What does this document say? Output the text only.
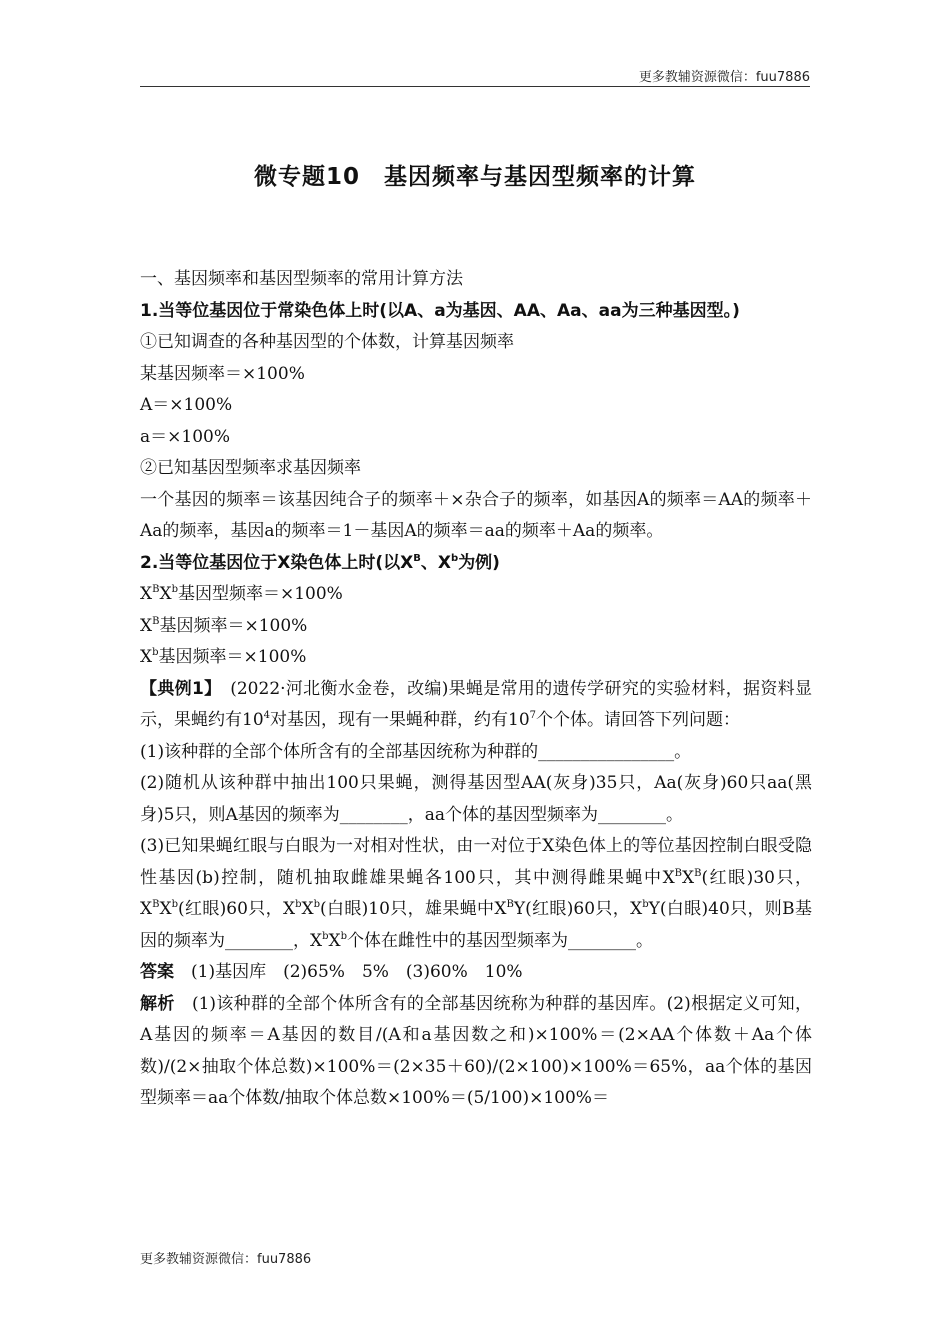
更多教辅资源微信：fuu7886
微专题10　基因频率与基因型频率的计算

一、基因频率和基因型频率的常用计算方法

1.当等位基因位于常染色体上时(以A、a为基因、AA、Aa、aa为三种基因型。)

①已知调查的各种基因型的个体数，计算基因频率

某基因频率＝×100%

A＝×100%

a＝×100%

②已知基因型频率求基因频率

一个基因的频率＝该基因纯合子的频率＋×杂合子的频率，如基因A的频率＝AA的频率＋Aa的频率，基因a的频率＝1－基因A的频率＝aa的频率＋Aa的频率。

2.当等位基因位于X染色体上时(以$X^B$、$X^b$为例)

$X^BX^b$基因型频率＝×100%

$X^B$基因频率＝×100%

$X^b$基因频率＝×100%

【典例1】　(2022·河北衡水金卷，改编)果蝇是常用的遗传学研究的实验材料，据资料显示，果蝇约有$10^4$对基因，现有一果蝇种群，约有$10^7$个个体。请回答下列问题：

(1)该种群的全部个体所含有的全部基因统称为种群的________________。

(2)随机从该种群中抽出100只果蝇，测得基因型AA(灰身)35只，Aa(灰身)60只aa(黑身)5只，则A基因的频率为________，aa个体的基因型频率为________。

(3)已知果蝇红眼与白眼为一对相对性状，由一对位于X染色体上的等位基因控制白眼受隐性基因(b)控制，随机抽取雌雄果蝇各100只，其中测得雌果蝇中$X^BX^B$(红眼)30只，$X^BX^b$(红眼)60只，$X^bX^b$(白眼)10只，雄果蝇中$X^BY$(红眼)60只，$X^bY$(白眼)40只，则B基因的频率为________，$X^bX^b$个体在雌性中的基因型频率为________。

答案　(1)基因库　(2)65%　5%　(3)60%　10%

解析　(1)该种群的全部个体所含有的全部基因统称为种群的基因库。(2)根据定义可知，A基因的频率＝A基因的数目/(A和a基因数之和)×100%＝(2×AA个体数＋Aa个体数)/(2×抽取个体总数)×100%＝(2×35＋60)/(2×100)×100%＝65%，aa个体的基因型频率＝aa个体数/抽取个体总数×100%＝(5/100)×100%＝

更多教辅资源微信：fuu7886
